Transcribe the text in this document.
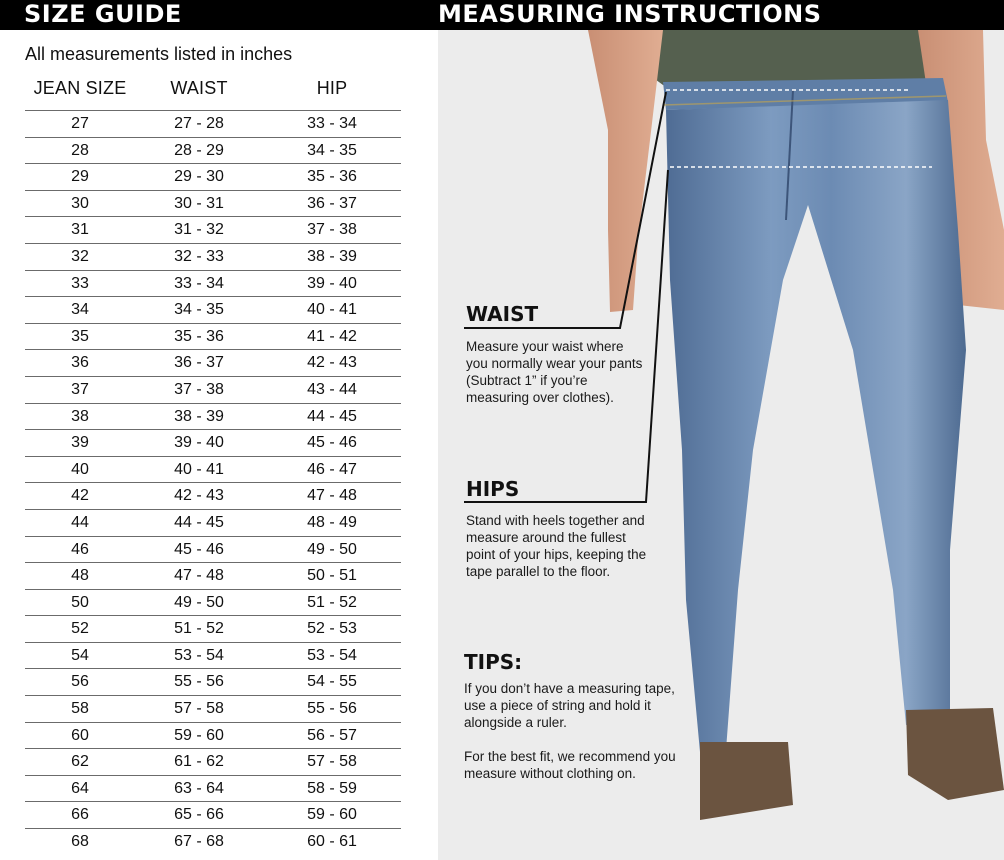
SIZE GUIDE	MEASURING INSTRUCTIONS
All measurements listed in inches
JEAN SIZE	WAIST	HIP
27	27 - 28	33 - 34
28	28 - 29	34 - 35
29	29 - 30	35 - 36
30	30 - 31	36 - 37
31	31 - 32	37 - 38
32	32 - 33	38 - 39
33	33 - 34	39 - 40
34	34 - 35	40 - 41
35	35 - 36	41 - 42
36	36 - 37	42 - 43
37	37 - 38	43 - 44
38	38 - 39	44 - 45
39	39 - 40	45 - 46
40	40 - 41	46 - 47
42	42 - 43	47 - 48
44	44 - 45	48 - 49
46	45 - 46	49 - 50
48	47 - 48	50 - 51
50	49 - 50	51 - 52
52	51 - 52	52 - 53
54	53 - 54	53 - 54
56	55 - 56	54 - 55
58	57 - 58	55 - 56
60	59 - 60	56 - 57
62	61 - 62	57 - 58
64	63 - 64	58 - 59
66	65 - 66	59 - 60
68	67 - 68	60 - 61
WAIST
Measure your waist where you normally wear your pants (Subtract 1” if you’re measuring over clothes).
HIPS
Stand with heels together and measure around the fullest point of your hips, keeping the tape parallel to the floor.
TIPS:
If you don’t have a measuring tape, use a piece of string and hold it alongside a ruler.
For the best fit, we recommend you measure without clothing on.
